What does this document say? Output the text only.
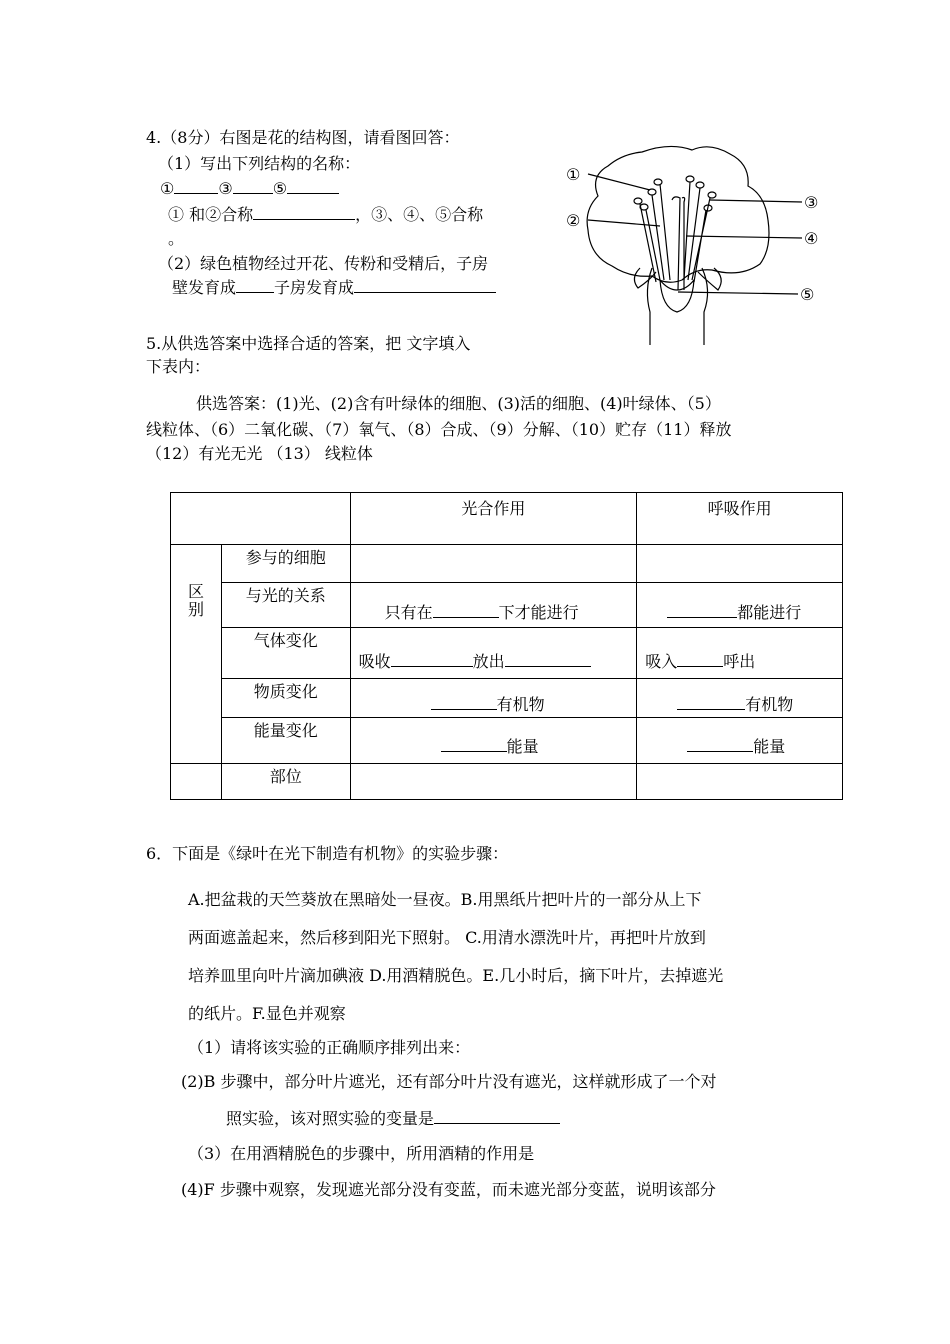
4.（8分）右图是花的结构图，请看图回答：
（1）写出下列结构的名称：
①	③	⑤
① 和②合称	，③、④、⑤合称
。
（2）绿色植物经过开花、传粉和受精后，子房
壁发育成 子房发育成
①
②
③
④
⑤
5.从供选答案中选择合适的答案，把 文字填入
下表内：
供选答案：(1)光、(2)含有叶绿体的细胞、(3)活的细胞、(4)叶绿体、（5）
线粒体、（6）二氧化碳、（7）氧气、（8）合成、（9）分解、（10）贮存（11）释放
（12）有光无光 （13） 线粒体
		光合作用	呼吸作用

区别	参与的细胞		
	与光的关系	只有在 下才能进行	都能进行
	气体变化	吸收 放出	吸入 呼出
	物质变化	有机物	有机物
	能量变化	能量	能量
	部位		
6．下面是《绿叶在光下制造有机物》的实验步骤：
A.把盆栽的天竺葵放在黑暗处一昼夜。B.用黑纸片把叶片的一部分从上下
两面遮盖起来，然后移到阳光下照射。 C.用清水漂洗叶片，再把叶片放到
培养皿里向叶片滴加碘液 D.用酒精脱色。E.几小时后，摘下叶片，去掉遮光
的纸片。F.显色并观察
（1）请将该实验的正确顺序排列出来：
(2)B 步骤中，部分叶片遮光，还有部分叶片没有遮光，这样就形成了一个对
照实验，该对照实验的变量是
（3）在用酒精脱色的步骤中，所用酒精的作用是
(4)F 步骤中观察，发现遮光部分没有变蓝，而未遮光部分变蓝，说明该部分
